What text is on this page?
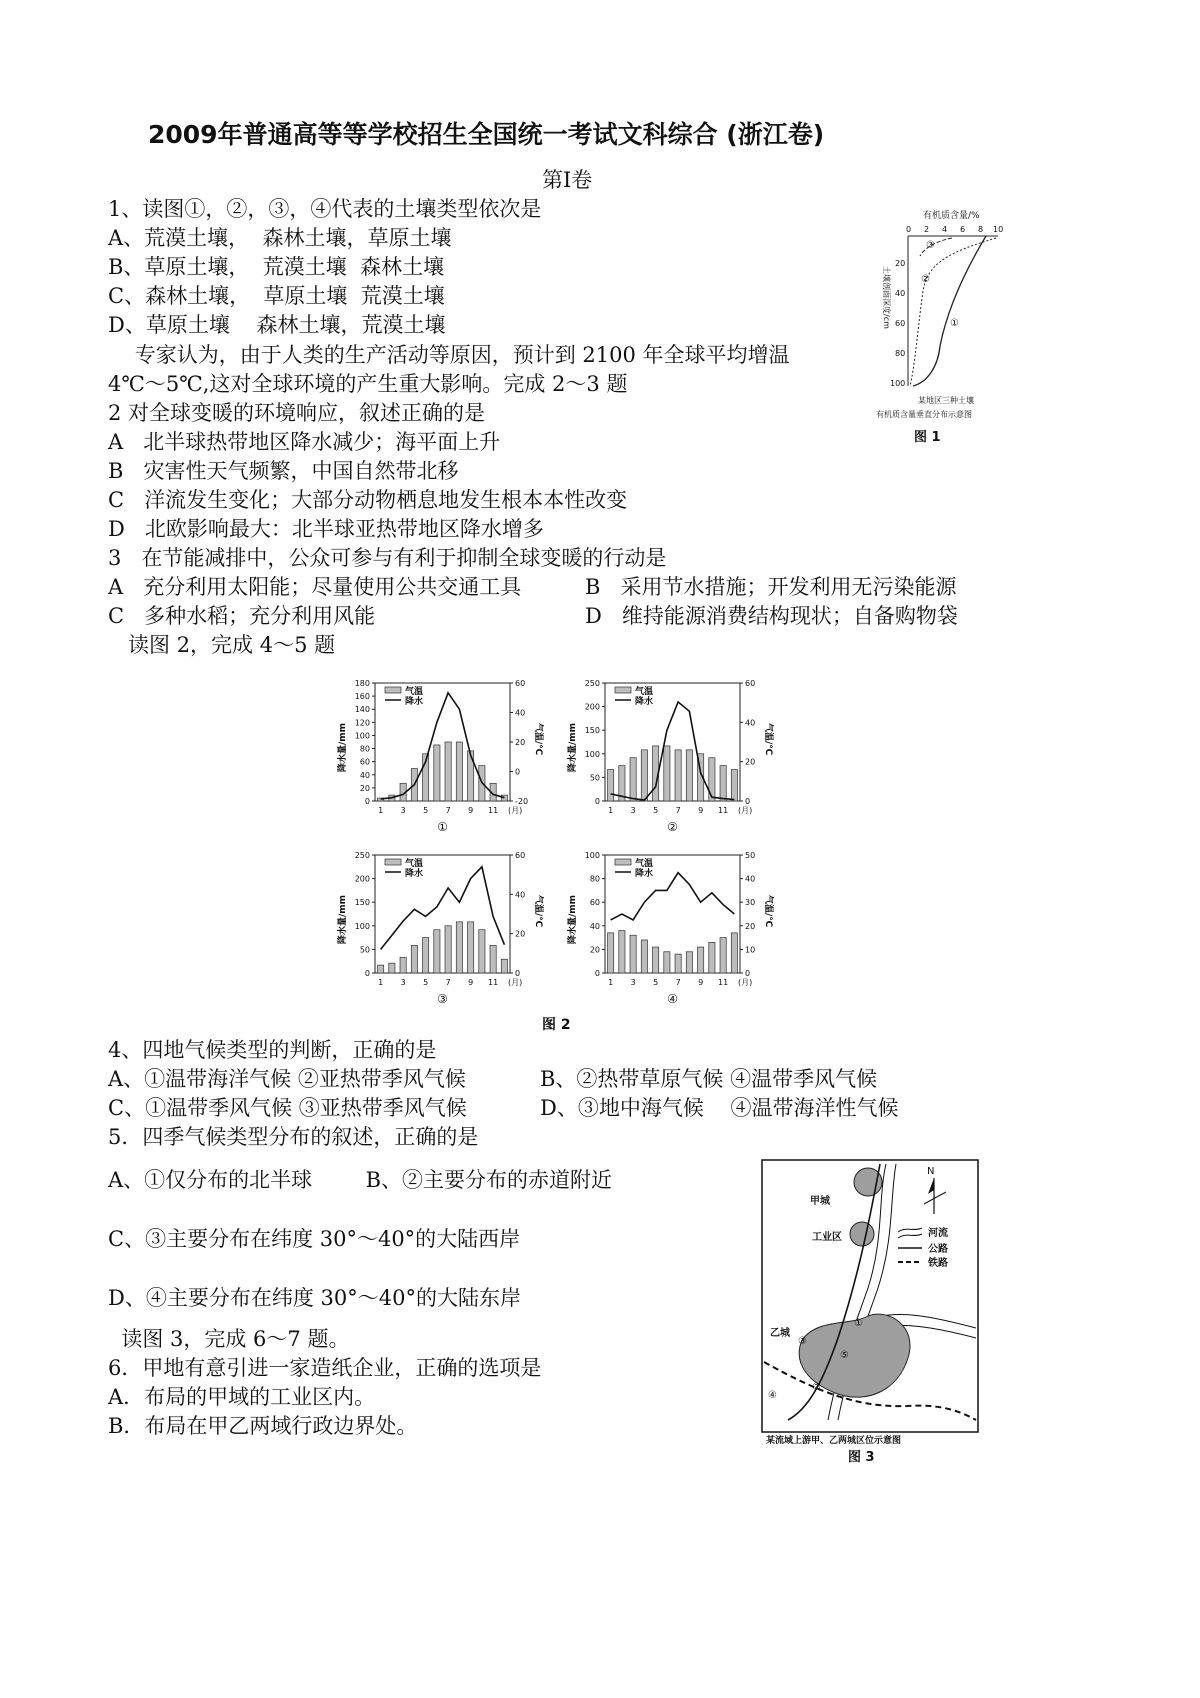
2009年普通高等等学校招生全国统一考试文科综合 (浙江卷)
第Ⅰ卷
1、读图①，②，③，④代表的土壤类型依次是
A、荒漠土壤，  森林土壤，草原土壤
B、草原土壤，  荒漠土壤  森林土壤
C、森林土壤，  草原土壤  荒漠土壤
D、草原土壤    森林土壤，荒漠土壤
专家认为，由于人类的生产活动等原因，预计到 2100 年全球平均增温
4℃～5℃,这对全球环境的产生重大影响。完成 2～3 题
2 对全球变暖的环境响应，叙述正确的是
A   北半球热带地区降水减少；海平面上升
B   灾害性天气频繁，中国自然带北移
C   洋流发生变化；大部分动物栖息地发生根本本性改变
D   北欧影响最大：北半球亚热带地区降水增多
3   在节能减排中，公众可参与有利于抑制全球变暖的行动是
A   充分利用太阳能；尽量使用公共交通工具	B   采用节水措施；开发利用无污染能源
C   多种水稻；充分利用风能	D   维持能源消费结构现状；自备购物袋
读图 2，完成 4～5 题
有机质含量/%
0 2 4 6 8 10
土壤剖面深度/cm
20
40
60
80
100
③
②
①
某地区三种土壤
有机质含量垂直分布示意图
图 1
0
20
40
60
80
100
120
140
160
180
-20
0
20
40
60
1 3 5 7 9 11 (月)
气温
降水
降水量/mm	气温/℃
①
0
50
100
150
200
250
0
20
40
60
1 3 5 7 9 11 (月)
气温
降水
降水量/mm	气温/℃
②
0
50
100
150
200
250
0
20
40
60
1 3 5 7 9 11 (月)
气温
降水
降水量/mm	气温/℃
③
0
20
40
60
80
100
0
10
20
30
40
50
1 3 5 7 9 11 (月)
气温
降水
降水量/mm	气温/℃
④
图 2
4、四地气候类型的判断，正确的是
A、①温带海洋气候 ②亚热带季风气候	B、②热带草原气候 ④温带季风气候
C、①温带季风气候 ③亚热带季风气候	D、③地中海气候    ④温带海洋性气候
5．四季气候类型分布的叙述，正确的是
A、①仅分布的北半球        B、②主要分布的赤道附近
C、③主要分布在纬度 30°～40°的大陆西岸
D、④主要分布在纬度 30°～40°的大陆东岸
读图 3，完成 6～7 题。
6．甲地有意引进一家造纸企业，正确的选项是
A．布局的甲域的工业区内。
B．布局在甲乙两域行政边界处。
N
甲城
工业区
乙城
①
②
③
④
⑤
河流
公路
铁路
某流域上游甲、乙两城区位示意图
图 3
